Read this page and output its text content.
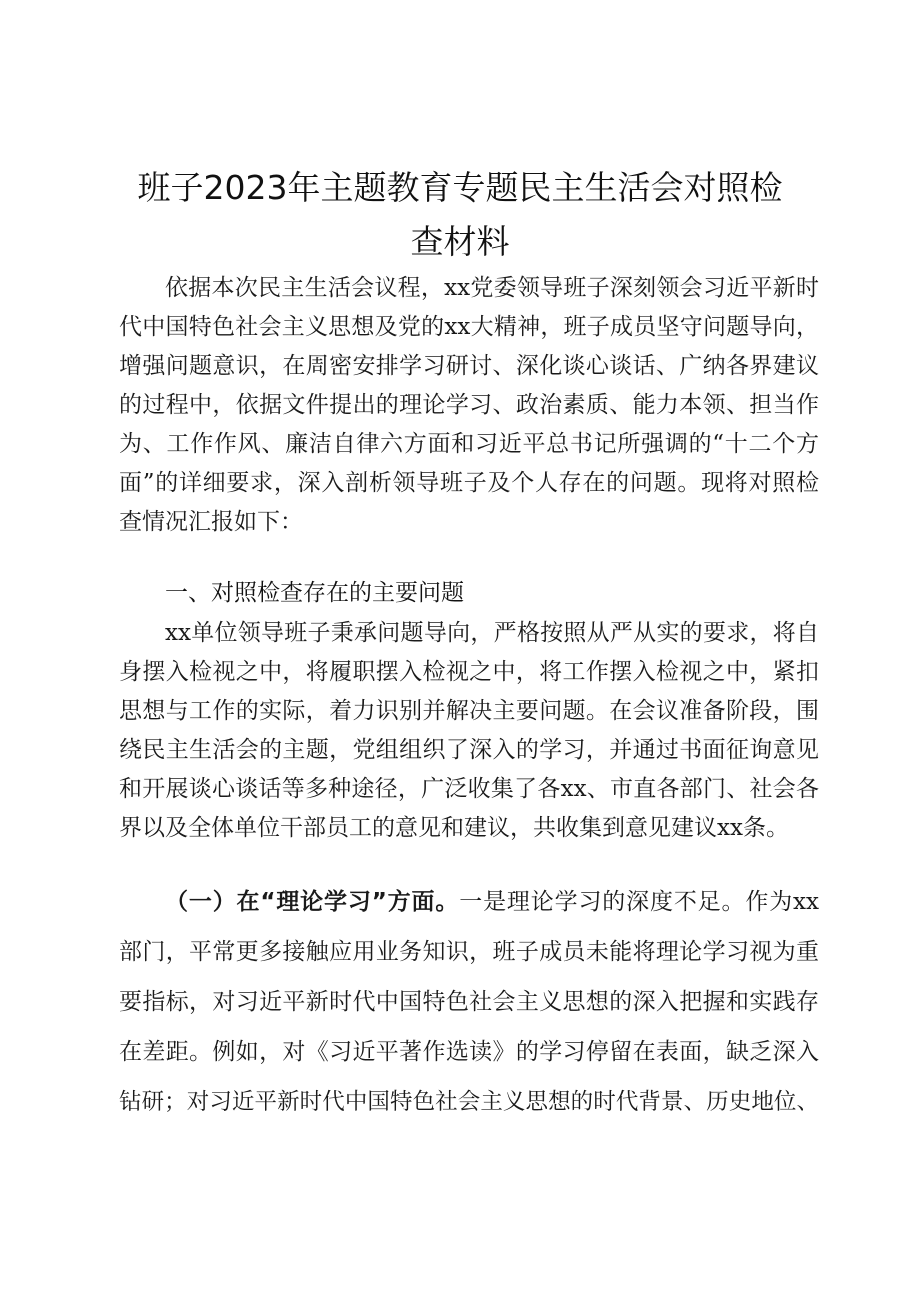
班子2023年主题教育专题民主生活会对照检
查材料
依据本次民主生活会议程，xx党委领导班子深刻领会习近平新时
代中国特色社会主义思想及党的xx大精神，班子成员坚守问题导向，
增强问题意识，在周密安排学习研讨、深化谈心谈话、广纳各界建议
的过程中，依据文件提出的理论学习、政治素质、能力本领、担当作
为、工作作风、廉洁自律六方面和习近平总书记所强调的“十二个方
面”的详细要求，深入剖析领导班子及个人存在的问题。现将对照检
查情况汇报如下：
一、对照检查存在的主要问题
xx单位领导班子秉承问题导向，严格按照从严从实的要求，将自
身摆入检视之中，将履职摆入检视之中，将工作摆入检视之中，紧扣
思想与工作的实际，着力识别并解决主要问题。在会议准备阶段，围
绕民主生活会的主题，党组组织了深入的学习，并通过书面征询意见
和开展谈心谈话等多种途径，广泛收集了各xx、市直各部门、社会各
界以及全体单位干部员工的意见和建议，共收集到意见建议xx条。
（一）在“理论学习”方面。一是理论学习的深度不足。作为xx
部门，平常更多接触应用业务知识，班子成员未能将理论学习视为重
要指标，对习近平新时代中国特色社会主义思想的深入把握和实践存
在差距。例如，对《习近平著作选读》的学习停留在表面，缺乏深入
钻研；对习近平新时代中国特色社会主义思想的时代背景、历史地位、
